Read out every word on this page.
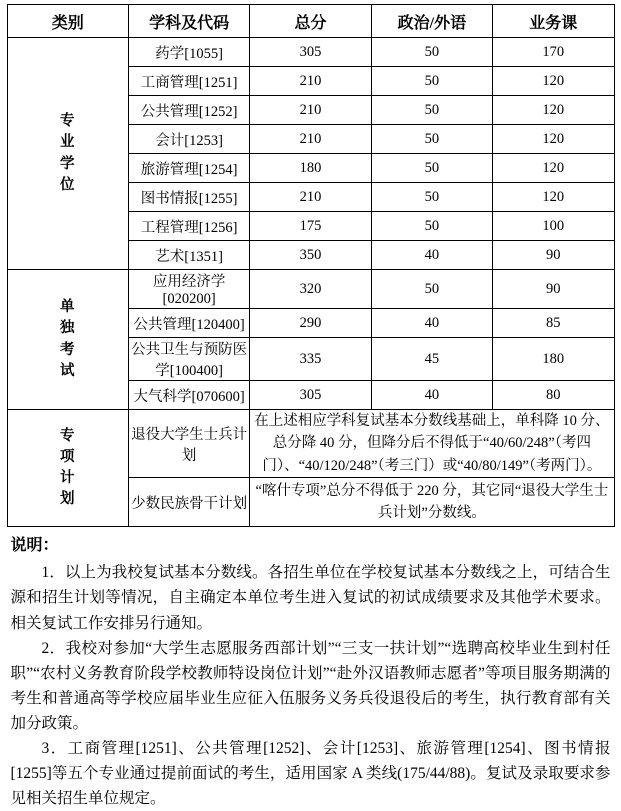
类别	学科及代码	总分	政治/外语	业务课

专
业
学
位	药学[1055]	305	50	170
	工商管理[1251]	210	50	120
	公共管理[1252]	210	50	120
	会计[1253]	210	50	120
	旅游管理[1254]	180	50	120
	图书情报[1255]	210	50	120
	工程管理[1256]	175	50	100
	艺术[1351]	350	40	90

单
独
考
试	应用经济学[020200]	320	50	90
	公共管理[120400]	290	40	85
	公共卫生与预防医学[100400]	335	45	180
	大气科学[070600]	305	40	80

专
项
计
划	退役大学生士兵计划	在上述相应学科复试基本分数线基础上，单科降 10 分、总分降 40 分，但降分后不得低于“40/60/248”（考四门）、“40/120/248”（考三门）或“40/80/149”（考两门）。		
	少数民族骨干计划	“喀什专项”总分不得低于 220 分，其它同“退役大学生士兵计划”分数线。		
说明：

1．以上为我校复试基本分数线。各招生单位在学校复试基本分数线之上，可结合生源和招生计划等情况，自主确定本单位考生进入复试的初试成绩要求及其他学术要求。相关复试工作安排另行通知。

2．我校对参加“大学生志愿服务西部计划”“三支一扶计划”“选聘高校毕业生到村任职”“农村义务教育阶段学校教师特设岗位计划”“赴外汉语教师志愿者”等项目服务期满的考生和普通高等学校应届毕业生应征入伍服务义务兵役退役后的考生，执行教育部有关加分政策。

3．工商管理[1251]、公共管理[1252]、会计[1253]、旅游管理[1254]、图书情报[1255]等五个专业通过提前面试的考生，适用国家 A 类线(175/44/88)。复试及录取要求参见相关招生单位规定。
